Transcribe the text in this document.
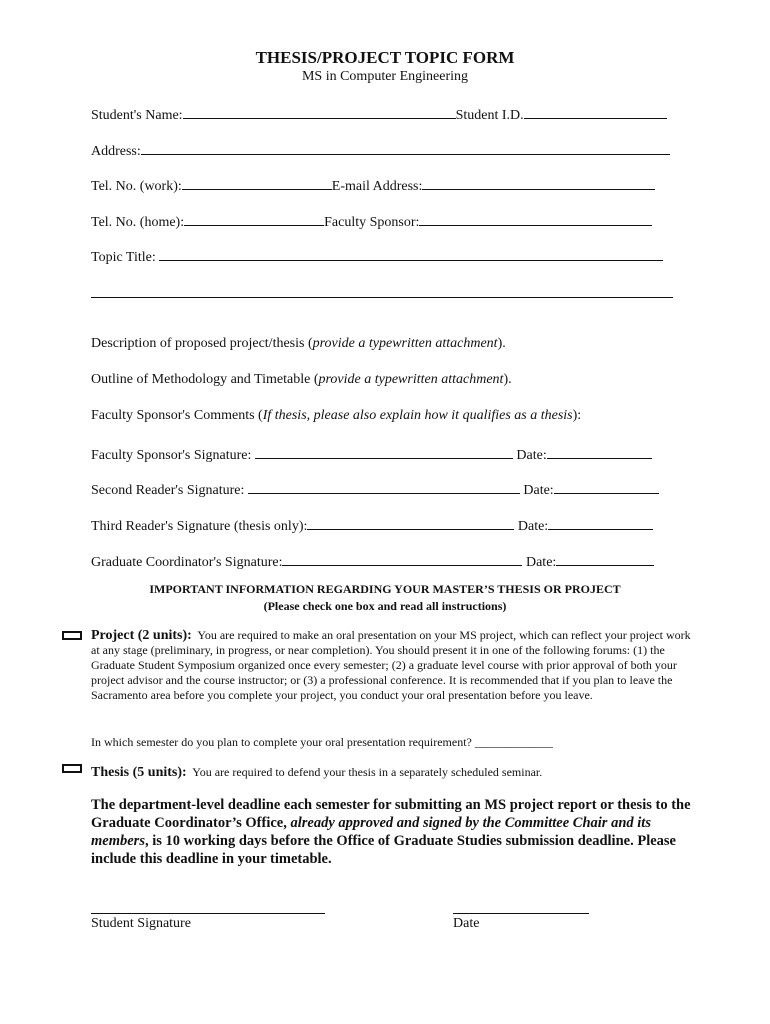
THESIS/PROJECT TOPIC FORM
MS in Computer Engineering
Student's Name:	Student I.D.
Address:
Tel. No. (work):	E-mail Address:
Tel. No. (home):	Faculty Sponsor:
Topic Title:
Description of proposed project/thesis (provide a typewritten attachment).
Outline of Methodology and Timetable (provide a typewritten attachment).
Faculty Sponsor's Comments (If thesis, please also explain how it qualifies as a thesis):
Faculty Sponsor's Signature:	Date:
Second Reader's Signature:	Date:
Third Reader's Signature (thesis only):	Date:
Graduate Coordinator's Signature:	Date:
IMPORTANT INFORMATION REGARDING YOUR MASTER’S THESIS OR PROJECT
(Please check one box and read all instructions)
Project (2 units): You are required to make an oral presentation on your MS project, which can reflect your project work at any stage (preliminary, in progress, or near completion). You should present it in one of the following forums: (1) the Graduate Student Symposium organized once every semester; (2) a graduate level course with prior approval of both your project advisor and the course instructor; or (3) a professional conference. It is recommended that if you plan to leave the Sacramento area before you complete your project, you conduct your oral presentation before you leave.
In which semester do you plan to complete your oral presentation requirement? _____________
Thesis (5 units): You are required to defend your thesis in a separately scheduled seminar.
The department-level deadline each semester for submitting an MS project report or thesis to the Graduate Coordinator’s Office, already approved and signed by the Committee Chair and its members, is 10 working days before the Office of Graduate Studies submission deadline. Please include this deadline in your timetable.
Student Signature	Date
